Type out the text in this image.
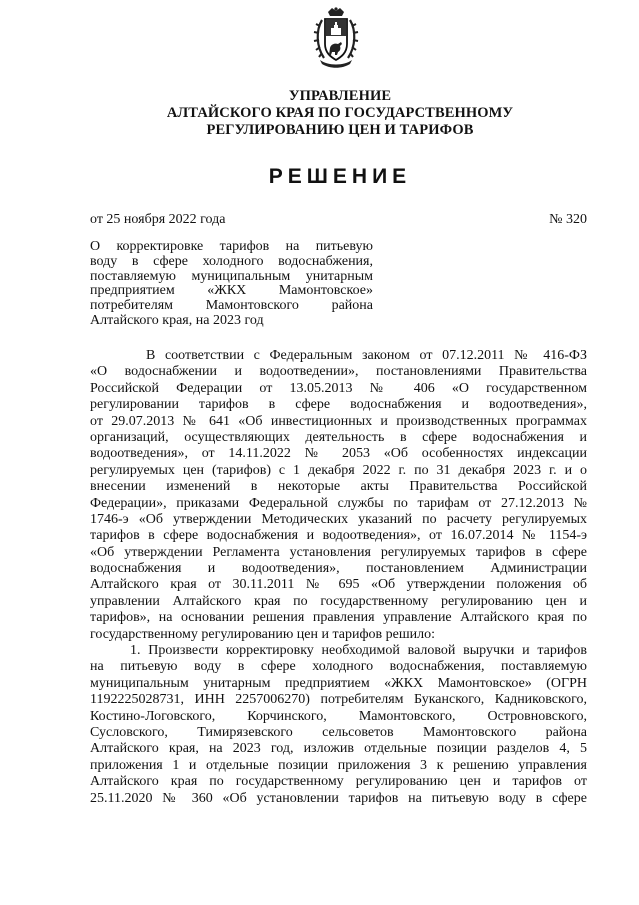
УПРАВЛЕНИЕ
АЛТАЙСКОГО КРАЯ ПО ГОСУДАРСТВЕННОМУ
РЕГУЛИРОВАНИЮ ЦЕН И ТАРИФОВ
РЕШЕНИЕ
от 25 ноября 2022 года	№ 320
О корректировке тарифов на питьевую
воду в сфере холодного водоснабжения,
поставляемую муниципальным унитарным
предприятием «ЖКХ Мамонтовское»
потребителям Мамонтовского района
Алтайского края, на 2023 год
В соответствии с Федеральным законом от 07.12.2011 № 416-ФЗ
«О водоснабжении и водоотведении», постановлениями Правительства
Российской Федерации от 13.05.2013 № 406 «О государственном
регулировании тарифов в сфере водоснабжения и водоотведения»,
от 29.07.2013 № 641 «Об инвестиционных и производственных программах
организаций, осуществляющих деятельность в сфере водоснабжения и
водоотведения», от 14.11.2022 № 2053 «Об особенностях индексации
регулируемых цен (тарифов) с 1 декабря 2022 г. по 31 декабря 2023 г. и о
внесении изменений в некоторые акты Правительства Российской
Федерации», приказами Федеральной службы по тарифам от 27.12.2013 №
1746-э «Об утверждении Методических указаний по расчету регулируемых
тарифов в сфере водоснабжения и водоотведения», от 16.07.2014 № 1154-э
«Об утверждении Регламента установления регулируемых тарифов в сфере
водоснабжения и водоотведения», постановлением Администрации
Алтайского края от 30.11.2011 № 695 «Об утверждении положения об
управлении Алтайского края по государственному регулированию цен и
тарифов», на основании решения правления управление Алтайского края по
государственному регулированию цен и тарифов решило:
1. Произвести корректировку необходимой валовой выручки и тарифов
на питьевую воду в сфере холодного водоснабжения, поставляемую
муниципальным унитарным предприятием «ЖКХ Мамонтовское» (ОГРН
1192225028731, ИНН 2257006270) потребителям Буканского, Кадниковского,
Костино-Логовского, Корчинского, Мамонтовского, Островновского,
Сусловского, Тимирязевского сельсоветов Мамонтовского района
Алтайского края, на 2023 год, изложив отдельные позиции разделов 4, 5
приложения 1 и отдельные позиции приложения 3 к решению управления
Алтайского края по государственному регулированию цен и тарифов от
25.11.2020 № 360 «Об установлении тарифов на питьевую воду в сфере
